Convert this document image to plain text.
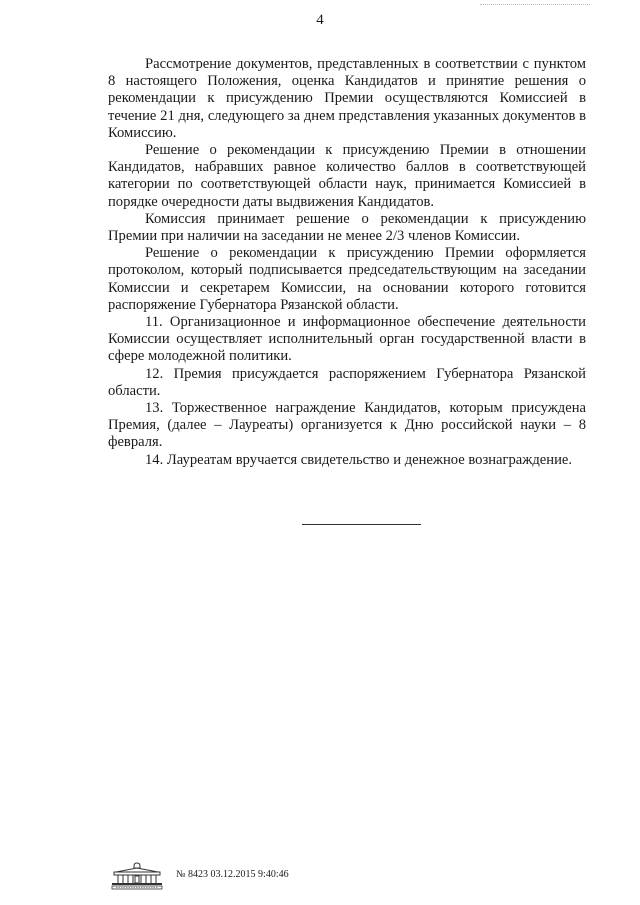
4

Рассмотрение документов, представленных в соответствии с пунктом 8 настоящего Положения, оценка Кандидатов и принятие решения о рекомендации к присуждению Премии осуществляются Комиссией в течение 21 дня, следующего за днем представления указанных документов в Комиссию.

Решение о рекомендации к присуждению Премии в отношении Кандидатов, набравших равное количество баллов в соответствующей категории по соответствующей области наук, принимается Комиссией в порядке очередности даты выдвижения Кандидатов.

Комиссия принимает решение о рекомендации к присуждению Премии при наличии на заседании не менее 2/3 членов Комиссии.

Решение о рекомендации к присуждению Премии оформляется протоколом, который подписывается председательствующим на заседании Комиссии и секретарем Комиссии, на основании которого готовится распоряжение Губернатора Рязанской области.

11. Организационное и информационное обеспечение деятельности Комиссии осуществляет исполнительный орган государственной власти в сфере молодежной политики.

12. Премия присуждается распоряжением Губернатора Рязанской области.

13. Торжественное награждение Кандидатов, которым присуждена Премия, (далее – Лауреаты) организуется к Дню российской науки – 8 февраля.

14. Лауреатам вручается свидетельство и денежное вознаграждение.

№ 8423 03.12.2015 9:40:46
